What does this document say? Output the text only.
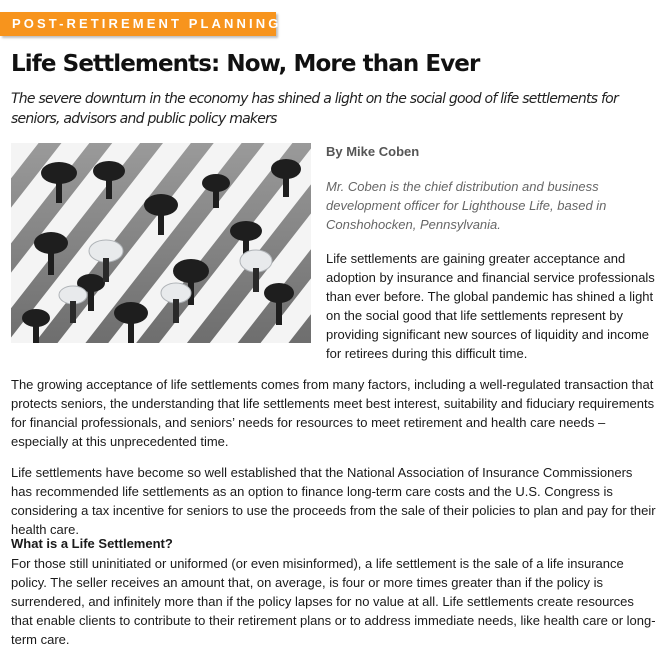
POST-RETIREMENT PLANNING
Life Settlements: Now, More than Ever

The severe downturn in the economy has shined a light on the social good of life settlements for seniors, advisors and public policy makers

By Mike Coben

Mr. Coben is the chief distribution and business development officer for Lighthouse Life, based in Conshohocken, Pennsylvania.

Life settlements are gaining greater acceptance and adoption by insurance and financial service professionals than ever before. The global pandemic has shined a light on the social good that life settlements represent by providing significant new sources of liquidity and income for retirees during this difficult time.

The growing acceptance of life settlements comes from many factors, including a well-regulated transaction that protects seniors, the understanding that life settlements meet best interest, suitability and fiduciary requirements for financial professionals, and seniors’ needs for resources to meet retirement and health care needs – especially at this unprecedented time.

Life settlements have become so well established that the National Association of Insurance Commissioners has recommended life settlements as an option to finance long-term care costs and the U.S. Congress is considering a tax incentive for seniors to use the proceeds from the sale of their policies to plan and pay for their health care.

What is a Life Settlement?

For those still uninitiated or uniformed (or even misinformed), a life settlement is the sale of a life insurance policy. The seller receives an amount that, on average, is four or more times greater than if the policy is surrendered, and infinitely more than if the policy lapses for no value at all. Life settlements create resources that enable clients to contribute to their retirement plans or to address immediate needs, like health care or long-term care.
